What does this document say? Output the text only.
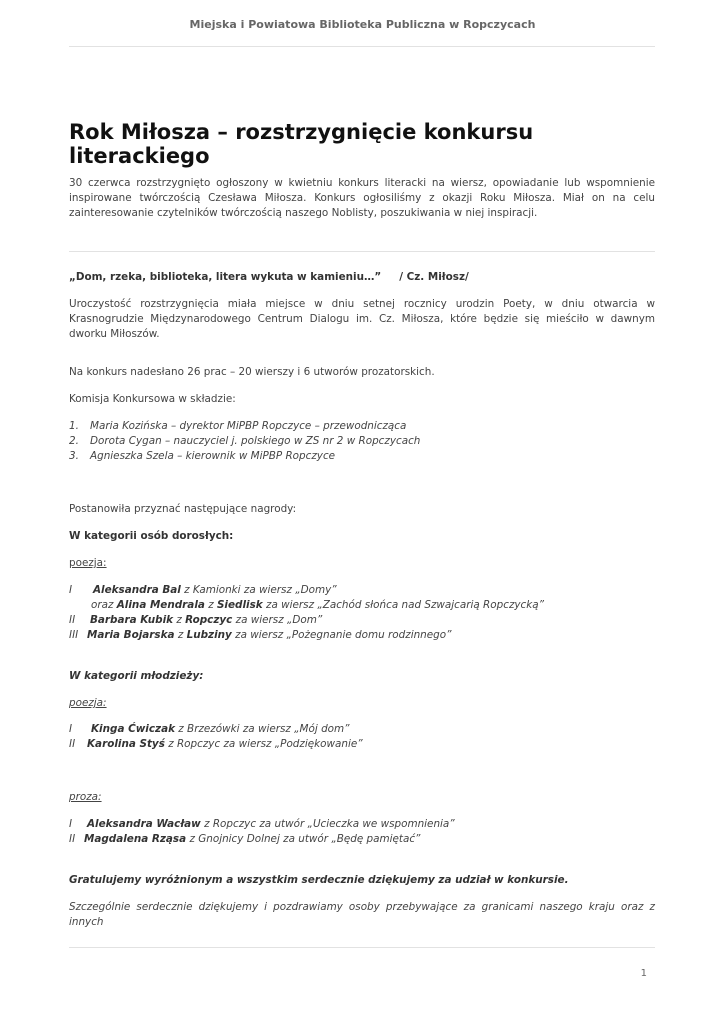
Miejska i Powiatowa Biblioteka Publiczna w Ropczycach
Rok Miłosza – rozstrzygnięcie konkursu literackiego

30 czerwca rozstrzygnięto ogłoszony w kwietniu konkurs literacki na wiersz, opowiadanie lub wspomnienie inspirowane twórczością Czesława Miłosza. Konkurs ogłosiliśmy z okazji Roku Miłosza. Miał on na celu zainteresowanie czytelników twórczością naszego Noblisty, poszukiwania w niej inspiracji.

„Dom, rzeka, biblioteka, litera wykuta w kamieniu…” / Cz. Miłosz/

Uroczystość rozstrzygnięcia miała miejsce w dniu setnej rocznicy urodzin Poety, w dniu otwarcia w Krasnogrudzie Międzynarodowego Centrum Dialogu im. Cz. Miłosza, które będzie się mieściło w dawnym dworku Miłoszów.

Na konkurs nadesłano 26 prac – 20 wierszy i 6 utworów prozatorskich.
Komisja Konkursowa w składzie:
1. Maria Kozińska – dyrektor MiPBP Ropczyce – przewodnicząca
2. Dorota Cygan – nauczyciel j. polskiego w ZS nr 2 w Ropczycach
3. Agnieszka Szela – kierownik w MiPBP Ropczyce
Postanowiła przyznać następujące nagrody:
W kategorii osób dorosłych:
poezja:
I Aleksandra Bal z Kamionki za wiersz „Domy”
oraz Alina Mendrala z Siedlisk za wiersz „Zachód słońca nad Szwajcarią Ropczycką”
II Barbara Kubik z Ropczyc za wiersz „Dom”
III Maria Bojarska z Lubziny za wiersz „Pożegnanie domu rodzinnego”
W kategorii młodzieży:
poezja:
I Kinga Ćwiczak z Brzezówki za wiersz „Mój dom”
II Karolina Styś z Ropczyc za wiersz „Podziękowanie”
proza:
I Aleksandra Wacław z Ropczyc za utwór „Ucieczka we wspomnienia”
II Magdalena Rząsa z Gnojnicy Dolnej za utwór „Będę pamiętać”
Gratulujemy wyróżnionym a wszystkim serdecznie dziękujemy za udział w konkursie.

Szczególnie serdecznie dziękujemy i pozdrawiamy osoby przebywające za granicami naszego kraju oraz z innych

1
